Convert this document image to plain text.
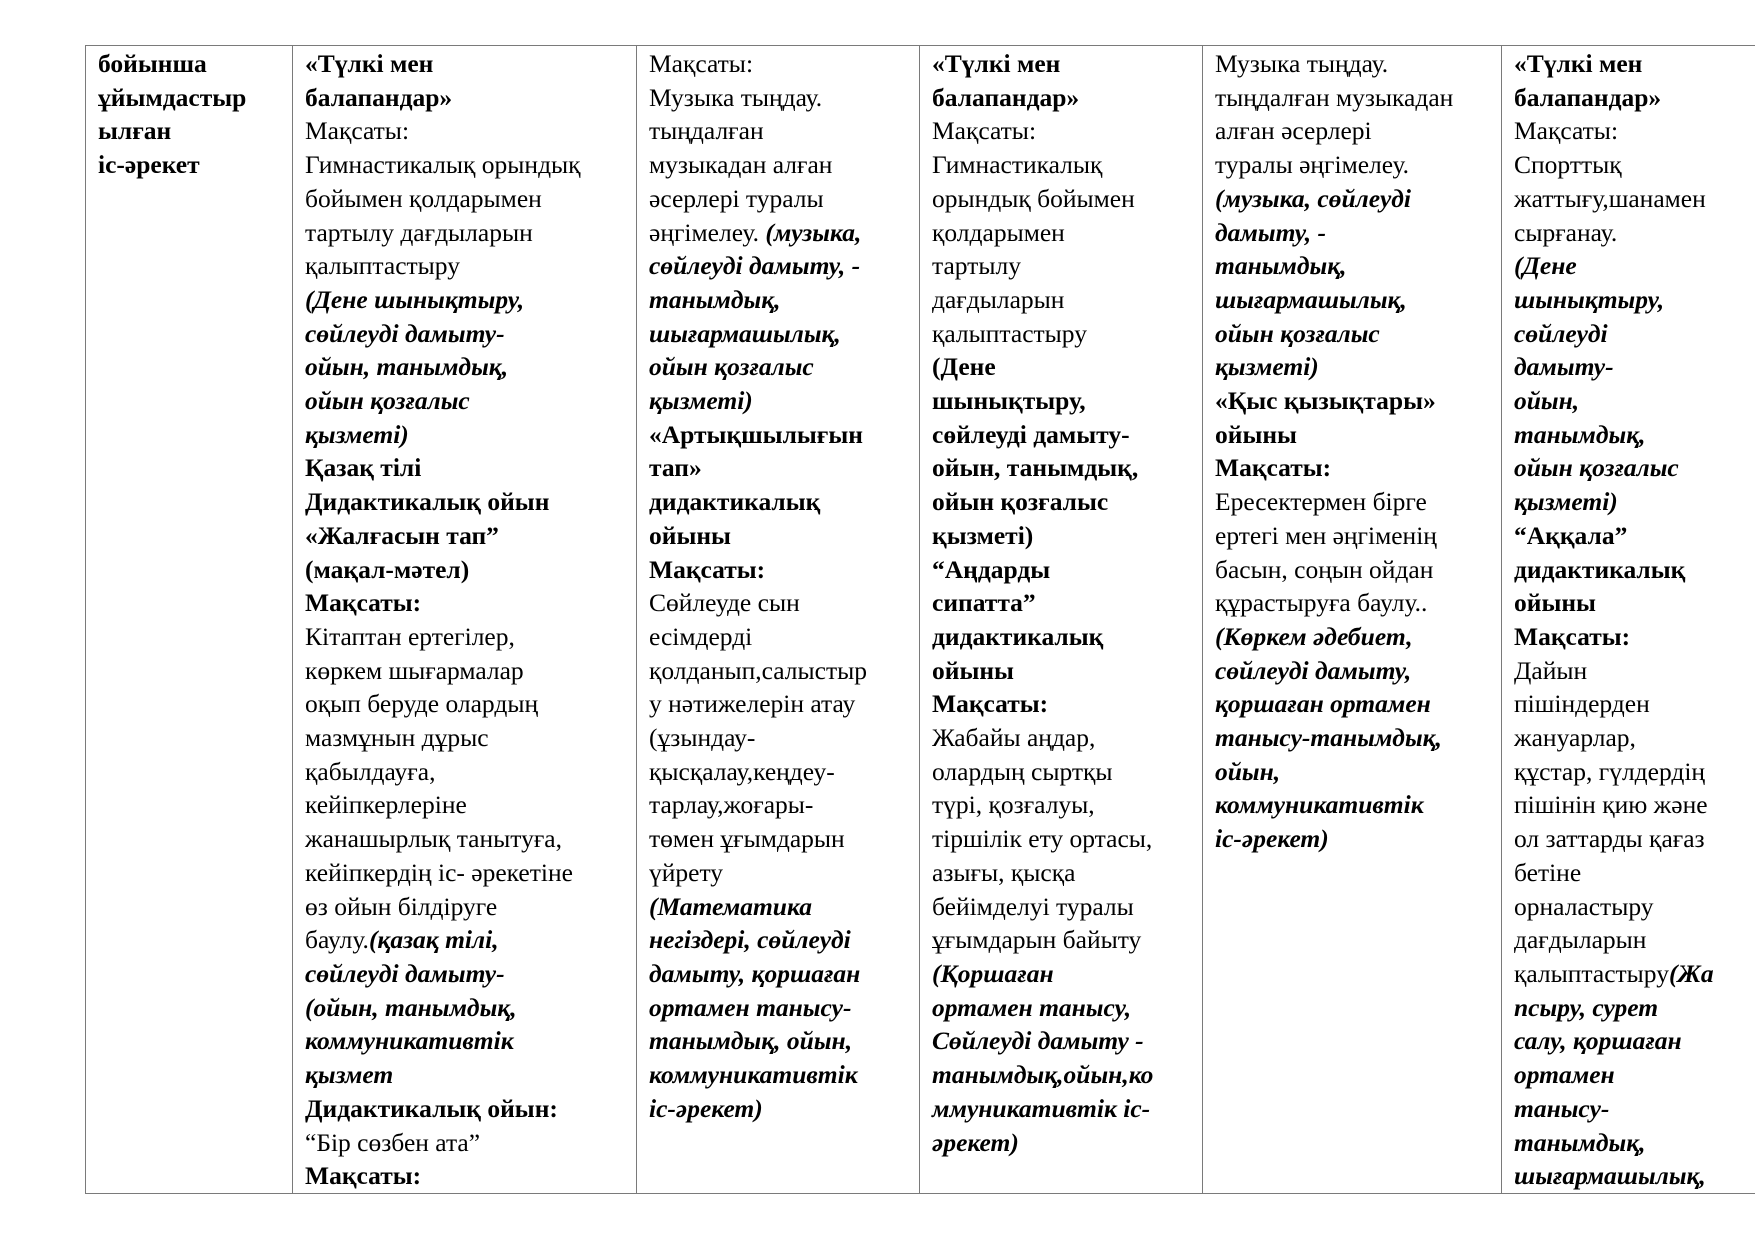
бойынша
ұйымдастыр
ылған
іс-әрекет

«Түлкі мен
балапандар»
Мақсаты:
Гимнастикалық орындық
бойымен қолдарымен
тартылу дағдыларын
қалыптастыру
(Дене шынықтыру,
сөйлеуді дамыту-
ойын, танымдық,
ойын қозғалыс
қызметі)
Қазақ тілі
Дидактикалық ойын
«Жалғасын тап”
(мақал-мәтел)
Мақсаты:
Кітаптан ертегілер,
көркем шығармалар
оқып беруде олардың
мазмұнын дұрыс
қабылдауға,
кейіпкерлеріне
жанашырлық танытуға,
кейіпкердің іс- әрекетіне
өз ойын білдіруге
баулу.(қазақ тілі,
сөйлеуді дамыту-
(ойын, танымдық,
коммуникативтік
қызмет
Дидактикалық ойын:
“Бір сөзбен ата”
Мақсаты:

Мақсаты:
Музыка тыңдау.
тыңдалған
музыкадан алған
әсерлері туралы
әңгімелеу. (музыка,
сөйлеуді дамыту, -
танымдық,
шығармашылық,
ойын қозғалыс
қызметі)
«Артықшылығын
тап»
дидактикалық
ойыны
Мақсаты:
Сөйлеуде сын
есімдерді
қолданып,салыстыр
у нәтижелерін атау
(ұзындау-
қысқалау,кеңдеу-
тарлау,жоғары-
төмен ұғымдарын
үйрету
(Математика
негіздері, сөйлеуді
дамыту, қоршаған
ортамен танысу-
танымдық, ойын,
коммуникативтік
іс-әрекет)

«Түлкі мен
балапандар»
Мақсаты:
Гимнастикалық
орындық бойымен
қолдарымен
тартылу
дағдыларын
қалыптастыру
(Дене
шынықтыру,
сөйлеуді дамыту-
ойын, танымдық,
ойын қозғалыс
қызметі)
“Аңдарды
сипатта”
дидактикалық
ойыны
Мақсаты:
Жабайы аңдар,
олардың сыртқы
түрі, қозғалуы,
тіршілік ету ортасы,
азығы, қысқа
бейімделуі туралы
ұғымдарын байыту
(Қоршаған
ортамен танысу,
Сөйлеуді дамыту -
танымдық,ойын,ко
ммуникативтік іс-
әрекет)

Музыка тыңдау.
тыңдалған музыкадан
алған әсерлері
туралы әңгімелеу.
(музыка, сөйлеуді
дамыту, -
танымдық,
шығармашылық,
ойын қозғалыс
қызметі)
«Қыс қызықтары»
ойыны
Мақсаты:
Ересектермен бірге
ертегі мен әңгіменің
басын, соңын ойдан
құрастыруға баулу..
(Көркем әдебиет,
сөйлеуді дамыту,
қоршаған ортамен
танысу-танымдық,
ойын,
коммуникативтік
іс-әрекет)

«Түлкі мен
балапандар»
Мақсаты:
Спорттық
жаттығу,шанамен
сырғанау.
(Дене
шынықтыру,
сөйлеуді
дамыту-
ойын,
танымдық,
ойын қозғалыс
қызметі)
“Аққала”
дидактикалық
ойыны
Мақсаты:
Дайын
пішіндерден
жануарлар,
құстар, гүлдердің
пішінін қию және
ол заттарды қағаз
бетіне
орналастыру
дағдыларын
қалыптастыру(Жа
псыру, сурет
салу, қоршаған
ортамен
танысу-
танымдық,
шығармашылық,
